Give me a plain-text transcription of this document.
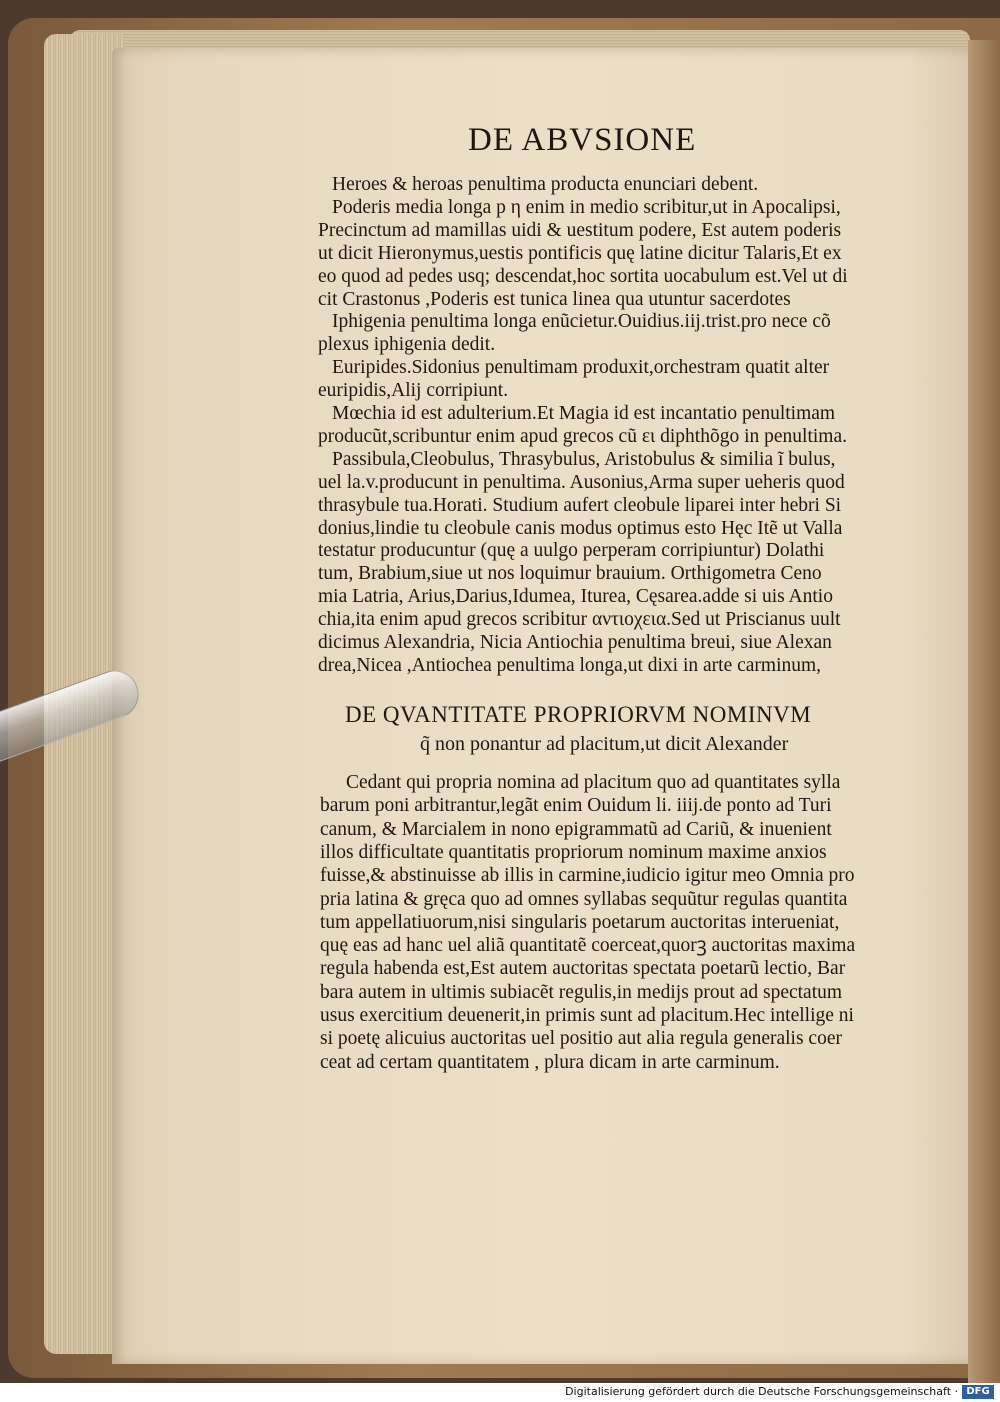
DE ABVSIONE
Heroes & heroas penultima producta enunciari debent.
Poderis media longa p η enim in medio scribitur,ut in Apocalipsi,
Precinctum ad mamillas uidi & uestitum podere, Est autem poderis
ut dicit Hieronymus,uestis pontificis quę latine dicitur Talaris,Et ex
eo quod ad pedes usq; descendat,hoc sortita uocabulum est.Vel ut di
cit Crastonus ,Poderis est tunica linea qua utuntur sacerdotes
Iphigenia penultima longa enũcietur.Ouidius.iij.trist.pro nece cõ
plexus iphigenia dedit.
Euripides.Sidonius penultimam produxit,orchestram quatit alter
euripidis,Alij corripiunt.
Mœchia id est adulterium.Et Magia id est incantatio penultimam
producũt,scribuntur enim apud grecos cũ ει diphthõgo in penultima.
Passibula,Cleobulus, Thrasybulus, Aristobulus & similia ĩ bulus,
uel la.v.producunt in penultima. Ausonius,Arma super ueheris quod
thrasybule tua.Horati. Studium aufert cleobule liparei inter hebri Si
donius,lindie tu cleobule canis modus optimus esto Hęc Itẽ ut Valla
testatur producuntur (quę a uulgo perperam corripiuntur) Dolathi
tum, Brabium,siue ut nos loquimur brauium. Orthigometra Ceno
mia Latria, Arius,Darius,Idumea, Iturea, Cęsarea.adde si uis Antio
chia,ita enim apud grecos scribitur αντιοχεια.Sed ut Priscianus uult
dicimus Alexandria, Nicia Antiochia penultima breui, siue Alexan
drea,Nicea ,Antiochea penultima longa,ut dixi in arte carminum,
DE QVANTITATE PROPRIORVM NOMINVM
q̃ non ponantur ad placitum,ut dicit Alexander
Cedant qui propria nomina ad placitum quo ad quantitates sylla
barum poni arbitrantur,legãt enim Ouidum li. iiij.de ponto ad Turi
canum, & Marcialem in nono epigrammatũ ad Cariũ, & inuenient
illos difficultate quantitatis propriorum nominum maxime anxios
fuisse,& abstinuisse ab illis in carmine,iudicio igitur meo Omnia pro
pria latina & gręca quo ad omnes syllabas sequũtur regulas quantita
tum appellatiuorum,nisi singularis poetarum auctoritas interueniat,
quę eas ad hanc uel aliã quantitatẽ coerceat,quorꝫ auctoritas maxima
regula habenda est,Est autem auctoritas spectata poetarũ lectio, Bar
bara autem in ultimis subiacẽt regulis,in medijs prout ad spectatum
usus exercitium deuenerit,in primis sunt ad placitum.Hec intellige ni
si poetę alicuius auctoritas uel positio aut alia regula generalis coer
ceat ad certam quantitatem , plura dicam in arte carminum.
Digitalisierung gefördert durch die Deutsche Forschungsgemeinschaft · DFG
